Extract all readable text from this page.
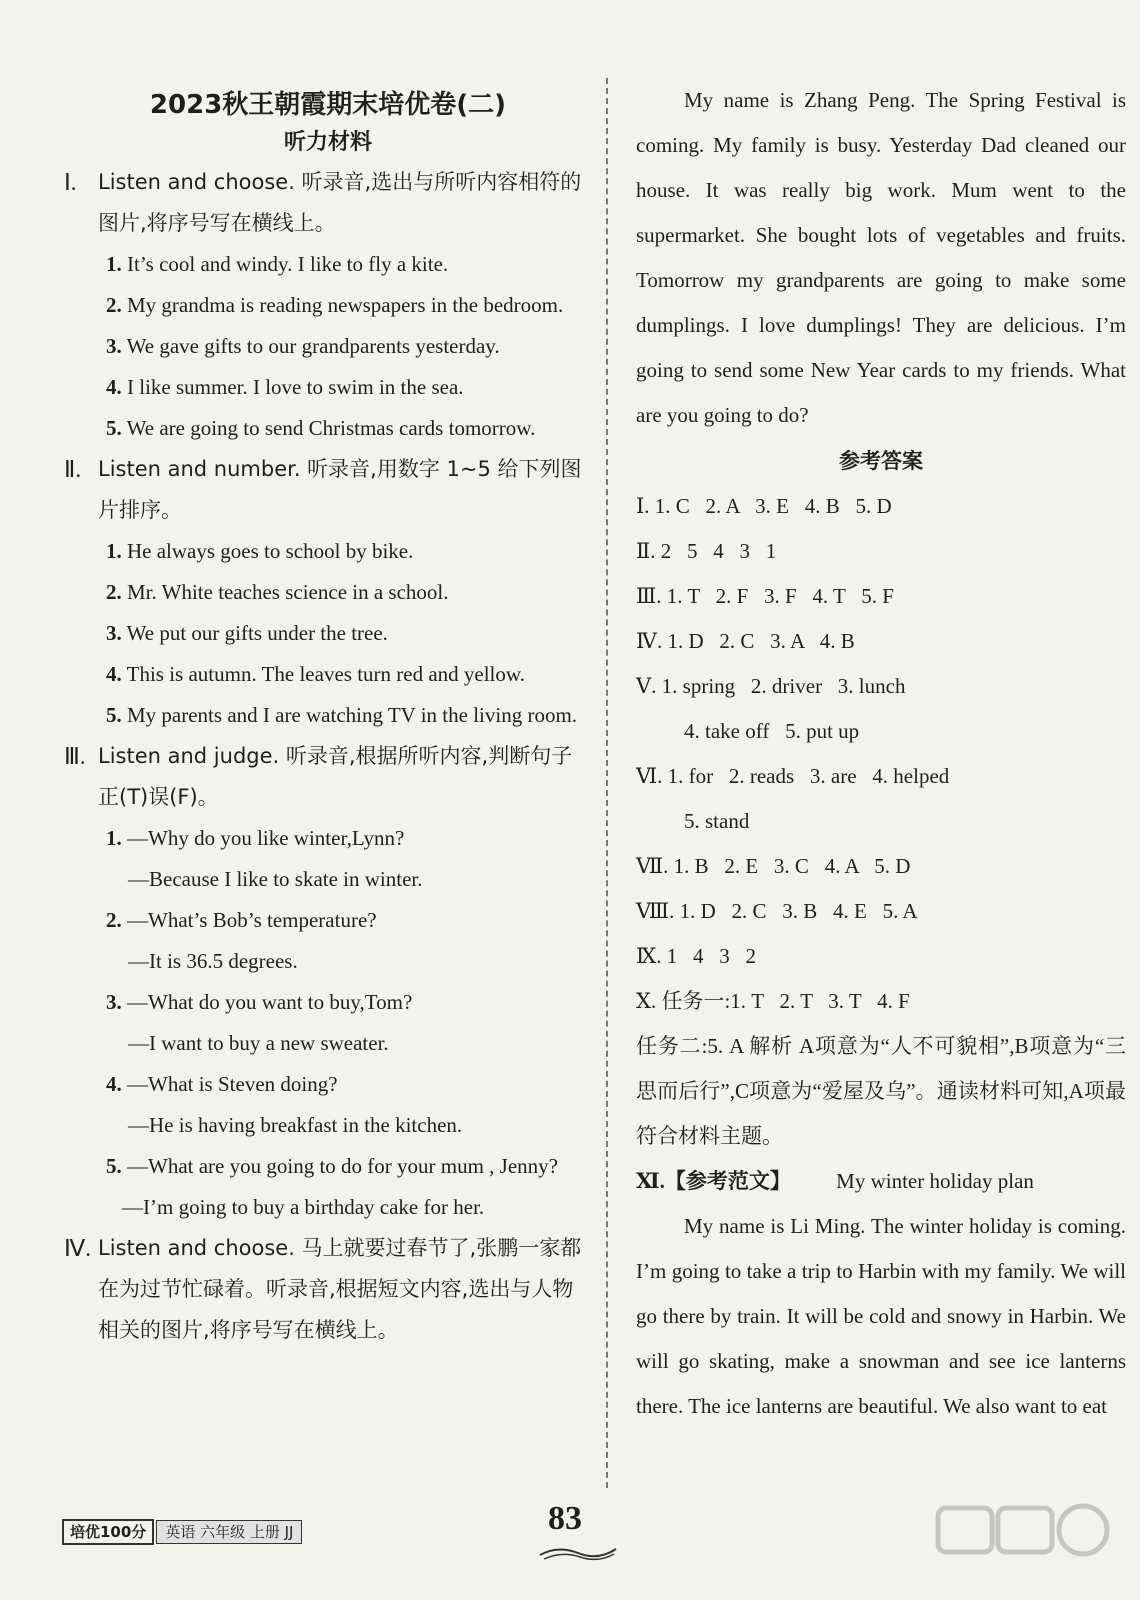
2023秋王朝霞期末培优卷(二)
听力材料
Ⅰ. Listen and choose. 听录音,选出与所听内容相符的图片,将序号写在横线上。
1. It’s cool and windy. I like to fly a kite.
2. My grandma is reading newspapers in the bedroom.
3. We gave gifts to our grandparents yesterday.
4. I like summer. I love to swim in the sea.
5. We are going to send Christmas cards tomorrow.
Ⅱ. Listen and number. 听录音,用数字 1~5 给下列图片排序。
1. He always goes to school by bike.
2. Mr. White teaches science in a school.
3. We put our gifts under the tree.
4. This is autumn. The leaves turn red and yellow.
5. My parents and I are watching TV in the living room.
Ⅲ. Listen and judge. 听录音,根据所听内容,判断句子正(T)误(F)。
1. —Why do you like winter,Lynn?
—Because I like to skate in winter.
2. —What’s Bob’s temperature?
—It is 36.5 degrees.
3. —What do you want to buy,Tom?
—I want to buy a new sweater.
4. —What is Steven doing?
—He is having breakfast in the kitchen.
5. —What are you going to do for your mum , Jenny?
—I’m going to buy a birthday cake for her.
Ⅳ. Listen and choose. 马上就要过春节了,张鹏一家都在为过节忙碌着。听录音,根据短文内容,选出与人物相关的图片,将序号写在横线上。
My name is Zhang Peng. The Spring Festival is coming. My family is busy. Yesterday Dad cleaned our house. It was really big work. Mum went to the supermarket. She bought lots of vegetables and fruits. Tomorrow my grandparents are going to make some dumplings. I love dumplings! They are delicious. I’m going to send some New Year cards to my friends. What are you going to do?
参考答案
Ⅰ. 1. C   2. A   3. E   4. B   5. D
Ⅱ. 2   5   4   3   1
Ⅲ. 1. T   2. F   3. F   4. T   5. F
Ⅳ. 1. D   2. C   3. A   4. B
Ⅴ. 1. spring   2. driver   3. lunch
4. take off   5. put up
Ⅵ. 1. for   2. reads   3. are   4. helped
5. stand
Ⅶ. 1. B   2. E   3. C   4. A   5. D
Ⅷ. 1. D   2. C   3. B   4. E   5. A
Ⅸ. 1   4   3   2
Ⅹ. 任务一:1. T   2. T   3. T   4. F
任务二:5. A 解析 A项意为“人不可貌相”,B项意为“三思而后行”,C项意为“爱屋及乌”。通读材料可知,A项最符合材料主题。
Ⅺ.【参考范文】 My winter holiday plan
My name is Li Ming. The winter holiday is coming. I’m going to take a trip to Harbin with my family. We will go there by train. It will be cold and snowy in Harbin. We will go skating, make a snowman and see ice lanterns there. The ice lanterns are beautiful. We also want to eat
培优100分	英语 六年级 上册 JJ	83
